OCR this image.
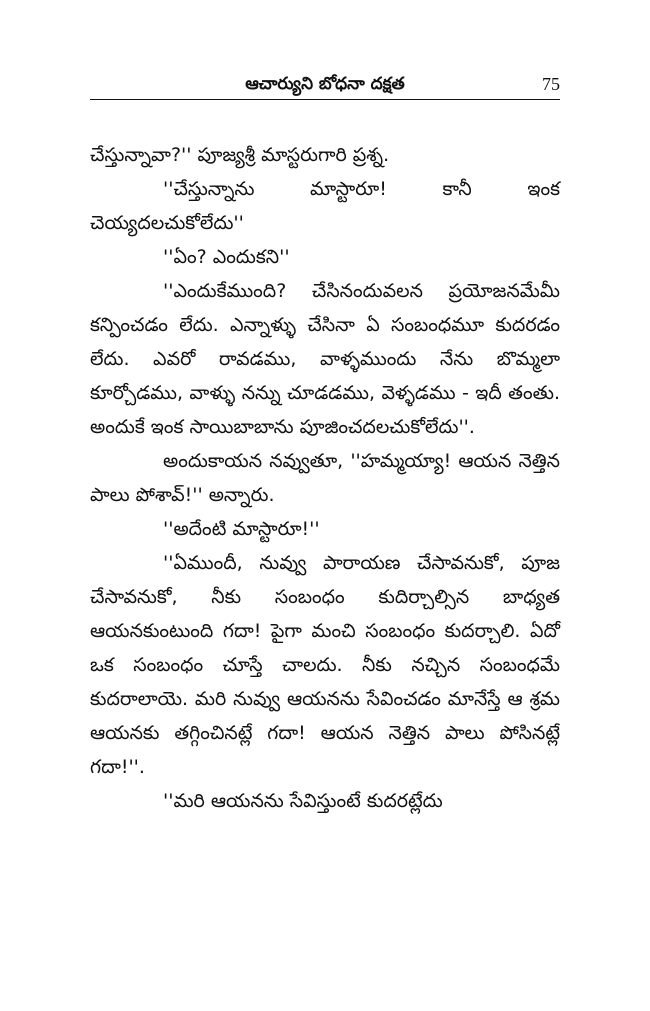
ఆచార్యుని బోధనా దక్షత	75

చేస్తున్నావా?'' పూజ్యశ్రీ మాస్టరుగారి ప్రశ్న.

''చేస్తున్నాను మాస్టారూ! కానీ ఇంక చెయ్యదలచుకోలేదు''

''ఏం? ఎందుకని''

''ఎందుకేముంది? చేసినందువలన ప్రయోజనమేమీ కన్పించడం లేదు. ఎన్నాళ్ళు చేసినా ఏ సంబంధమూ కుదరడం లేదు. ఎవరో రావడము, వాళ్ళముందు నేను బొమ్మలా కూర్చోడము, వాళ్ళు నన్ను చూడడము, వెళ్ళడము - ఇదీ తంతు. అందుకే ఇంక సాయిబాబాను పూజించదలచుకోలేదు''.

అందుకాయన నవ్వుతూ, ''హమ్మయ్యా! ఆయన నెత్తిన పాలు పోశావ్!'' అన్నారు.

''అదేంటి మాస్టారూ!''

''ఏముందీ, నువ్వు పారాయణ చేసావనుకో, పూజ చేసావనుకో, నీకు సంబంధం కుదిర్చాల్సిన బాధ్యత ఆయనకుంటుంది గదా! పైగా మంచి సంబంధం కుదర్చాలి. ఏదో ఒక సంబంధం చూస్తే చాలదు. నీకు నచ్చిన సంబంధమే కుదరాలాయె. మరి నువ్వు ఆయనను సేవించడం మానేస్తే ఆ శ్రమ ఆయనకు తగ్గించినట్లే గదా! ఆయన నెత్తిన పాలు పోసినట్లే గదా!''.

''మరి ఆయనను సేవిస్తుంటే కుదరట్లేదు
